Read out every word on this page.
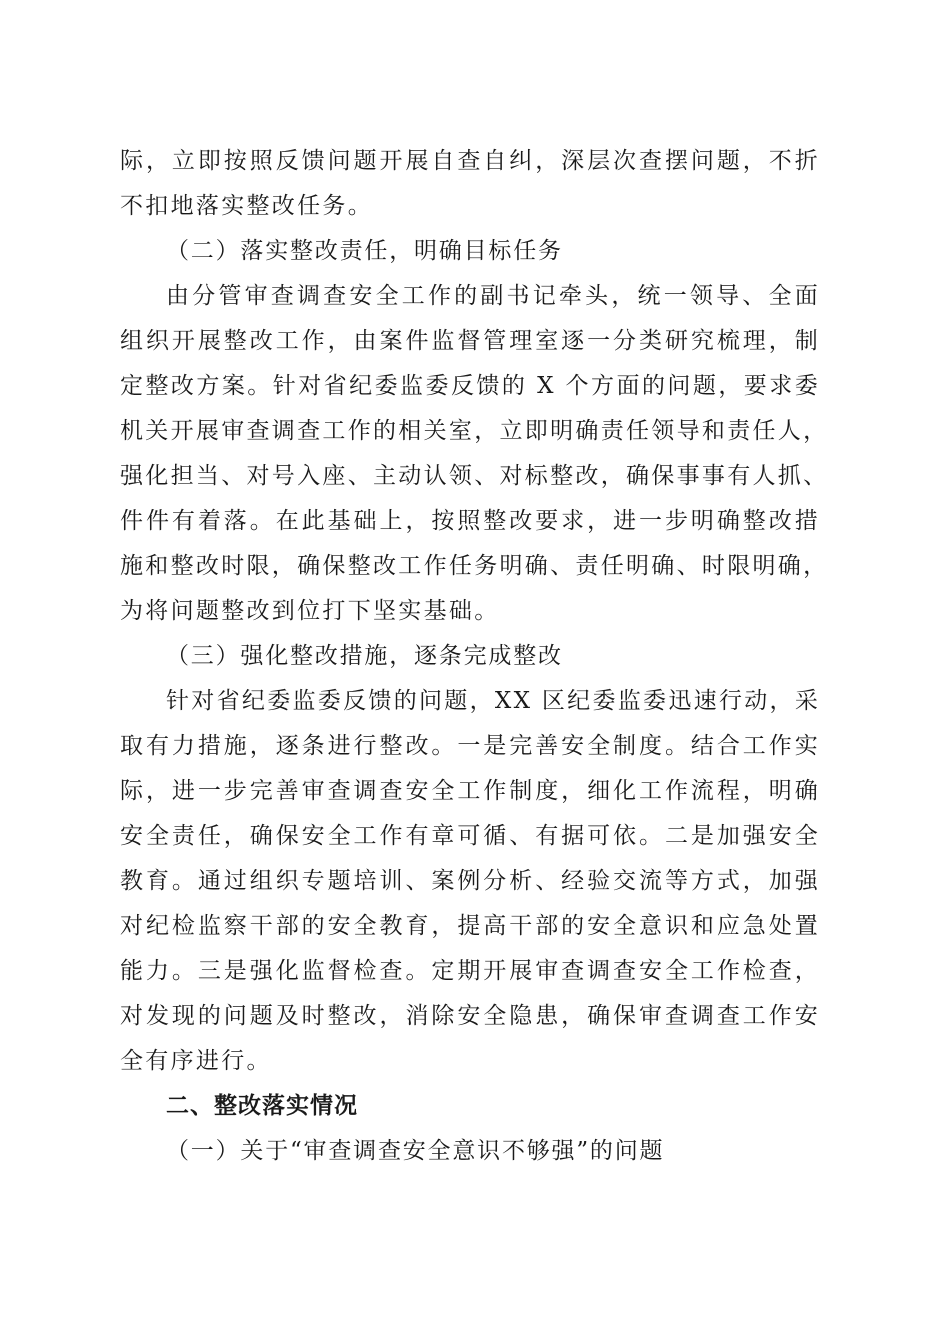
际，立即按照反馈问题开展自查自纠，深层次查摆问题，不折

不扣地落实整改任务。

（二）落实整改责任，明确目标任务

由分管审查调查安全工作的副书记牵头，统一领导、全面

组织开展整改工作，由案件监督管理室逐一分类研究梳理，制

定整改方案。针对省纪委监委反馈的 X 个方面的问题，要求委

机关开展审查调查工作的相关室，立即明确责任领导和责任人，

强化担当、对号入座、主动认领、对标整改，确保事事有人抓、

件件有着落。在此基础上，按照整改要求，进一步明确整改措

施和整改时限，确保整改工作任务明确、责任明确、时限明确，

为将问题整改到位打下坚实基础。

（三）强化整改措施，逐条完成整改

针对省纪委监委反馈的问题，XX 区纪委监委迅速行动，采

取有力措施，逐条进行整改。一是完善安全制度。结合工作实

际，进一步完善审查调查安全工作制度，细化工作流程，明确

安全责任，确保安全工作有章可循、有据可依。二是加强安全

教育。通过组织专题培训、案例分析、经验交流等方式，加强

对纪检监察干部的安全教育，提高干部的安全意识和应急处置

能力。三是强化监督检查。定期开展审查调查安全工作检查，

对发现的问题及时整改，消除安全隐患，确保审查调查工作安

全有序进行。

二、整改落实情况

（一）关于“审查调查安全意识不够强”的问题
